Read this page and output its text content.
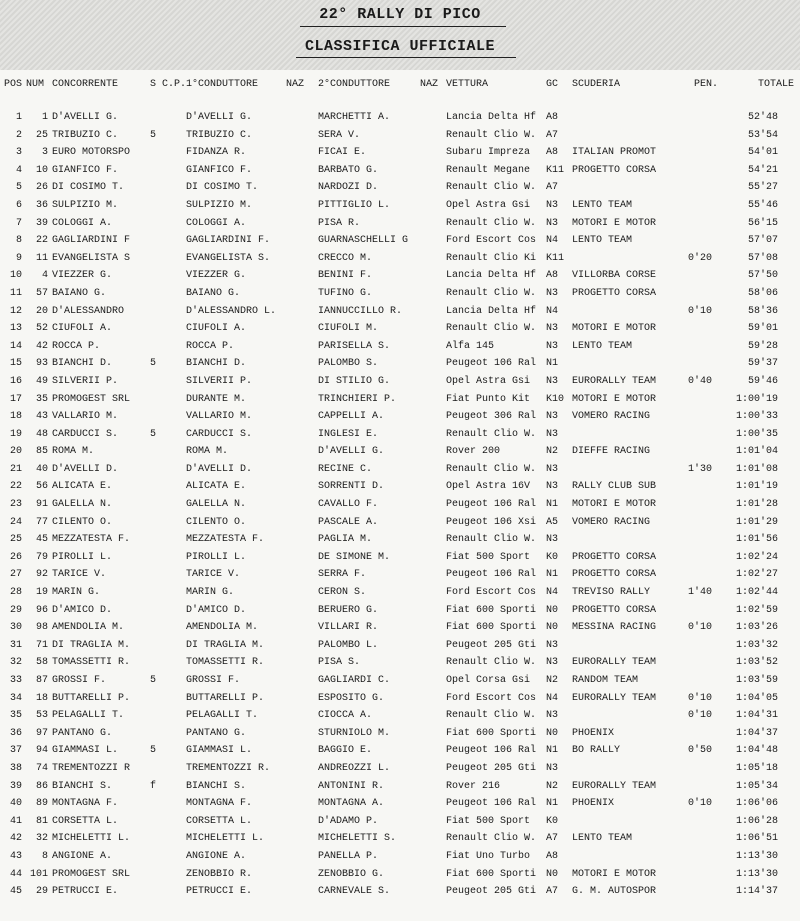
22° RALLY DI PICO
CLASSIFICA UFFICIALE
POS NUM CONCORRENTE	S C.P. 1°CONDUTTORE	NAZ 2°CONDUTTORE	NAZ VETTURA	GC SCUDERIA	PEN.	TOTALE
1	1 D'AVELLI G.	D'AVELLI G.	MARCHETTI A.	Lancia Delta Hf A8	52'48
2	25 TRIBUZIO C.	5	TRIBUZIO C.	SERA V.	Renault Clio W. A7	53'54
3	3 EURO MOTORSPO	FIDANZA R.	FICAI E.	Subaru Impreza A8 ITALIAN PROMOT	54'01
4	10 GIANFICO F.	GIANFICO F.	BARBATO G.	Renault Megane K11 PROGETTO CORSA	54'21
5	26 DI COSIMO T.	DI COSIMO T.	NARDOZI D.	Renault Clio W. A7	55'27
6	36 SULPIZIO M.	SULPIZIO M.	PITTIGLIO L.	Opel Astra Gsi N3 LENTO TEAM	55'46
7	39 COLOGGI A.	COLOGGI A.	PISA R.	Renault Clio W. N3 MOTORI E MOTOR	56'15
8	22 GAGLIARDINI F	GAGLIARDINI F.	GUARNASCHELLI G	Ford Escort Cos N4 LENTO TEAM	57'07
9	11 EVANGELISTA S	EVANGELISTA S.	CRECCO M.	Renault Clio Ki K11	0'20	57'08
10	4 VIEZZER G.	VIEZZER G.	BENINI F.	Lancia Delta Hf A8 VILLORBA CORSE	57'50
11	57 BAIANO G.	BAIANO G.	TUFINO G.	Renault Clio W. N3 PROGETTO CORSA	58'06
12	20 D'ALESSANDRO	D'ALESSANDRO L.	IANNUCCILLO R.	Lancia Delta Hf N4	0'10	58'36
13	52 CIUFOLI A.	CIUFOLI A.	CIUFOLI M.	Renault Clio W. N3 MOTORI E MOTOR	59'01
14	42 ROCCA P.	ROCCA P.	PARISELLA S.	Alfa 145	N3 LENTO TEAM	59'28
15	93 BIANCHI D.	5	BIANCHI D.	PALOMBO S.	Peugeot 106 Ral N1	59'37
16	49 SILVERII P.	SILVERII P.	DI STILIO G.	Opel Astra Gsi N3 EURORALLY TEAM	0'40	59'46
17	35 PROMOGEST SRL	DURANTE M.	TRINCHIERI P.	Fiat Punto Kit K10 MOTORI E MOTOR	1:00'19
18	43 VALLARIO M.	VALLARIO M.	CAPPELLI A.	Peugeot 306 Ral N3 VOMERO RACING	1:00'33
19	48 CARDUCCI S.	5	CARDUCCI S.	INGLESI E.	Renault Clio W. N3	1:00'35
20	85 ROMA M.	ROMA M.	D'AVELLI G.	Rover 200	N2 DIEFFE RACING	1:01'04
21	40 D'AVELLI D.	D'AVELLI D.	RECINE C.	Renault Clio W. N3	1'30	1:01'08
22	56 ALICATA E.	ALICATA E.	SORRENTI D.	Opel Astra 16V N3 RALLY CLUB SUB	1:01'19
23	91 GALELLA N.	GALELLA N.	CAVALLO F.	Peugeot 106 Ral N1 MOTORI E MOTOR	1:01'28
24	77 CILENTO O.	CILENTO O.	PASCALE A.	Peugeot 106 Xsi A5 VOMERO RACING	1:01'29
25	45 MEZZATESTA F.	MEZZATESTA F.	PAGLIA M.	Renault Clio W. N3	1:01'56
26	79 PIROLLI L.	PIROLLI L.	DE SIMONE M.	Fiat 500 Sport K0 PROGETTO CORSA	1:02'24
27	92 TARICE V.	TARICE V.	SERRA F.	Peugeot 106 Ral N1 PROGETTO CORSA	1:02'27
28	19 MARIN G.	MARIN G.	CERON S.	Ford Escort Cos N4 TREVISO RALLY	1'40	1:02'44
29	96 D'AMICO D.	D'AMICO D.	BERUERO G.	Fiat 600 Sporti N0 PROGETTO CORSA	1:02'59
30	98 AMENDOLIA M.	AMENDOLIA M.	VILLARI R.	Fiat 600 Sporti N0 MESSINA RACING	0'10	1:03'26
31	71 DI TRAGLIA M.	DI TRAGLIA M.	PALOMBO L.	Peugeot 205 Gti N3	1:03'32
32	58 TOMASSETTI R.	TOMASSETTI R.	PISA S.	Renault Clio W. N3 EURORALLY TEAM	1:03'52
33	87 GROSSI F.	5	GROSSI F.	GAGLIARDI C.	Opel Corsa Gsi N2 RANDOM TEAM	1:03'59
34	18 BUTTARELLI P.	BUTTARELLI P.	ESPOSITO G.	Ford Escort Cos N4 EURORALLY TEAM	0'10	1:04'05
35	53 PELAGALLI T.	PELAGALLI T.	CIOCCA A.	Renault Clio W. N3	0'10	1:04'31
36	97 PANTANO G.	PANTANO G.	STURNIOLO M.	Fiat 600 Sporti N0 PHOENIX	1:04'37
37	94 GIAMMASI L.	5	GIAMMASI L.	BAGGIO E.	Peugeot 106 Ral N1 BO RALLY	0'50	1:04'48
38	74 TREMENTOZZI R	TREMENTOZZI R.	ANDREOZZI L.	Peugeot 205 Gti N3	1:05'18
39	86 BIANCHI S.	f	BIANCHI S.	ANTONINI R.	Rover 216	N2 EURORALLY TEAM	1:05'34
40	89 MONTAGNA F.	MONTAGNA F.	MONTAGNA A.	Peugeot 106 Ral N1 PHOENIX	0'10	1:06'06
41	81 CORSETTA L.	CORSETTA L.	D'ADAMO P.	Fiat 500 Sport K0	1:06'28
42	32 MICHELETTI L.	MICHELETTI L.	MICHELETTI S.	Renault Clio W. A7 LENTO TEAM	1:06'51
43	8 ANGIONE A.	ANGIONE A.	PANELLA P.	Fiat Uno Turbo A8	1:13'30
44 101 PROMOGEST SRL	ZENOBBIO R.	ZENOBBIO G.	Fiat 600 Sporti N0 MOTORI E MOTOR	1:13'30
45	29 PETRUCCI E.	PETRUCCI E.	CARNEVALE S.	Peugeot 205 Gti A7 G. M. AUTOSPOR	1:14'37
